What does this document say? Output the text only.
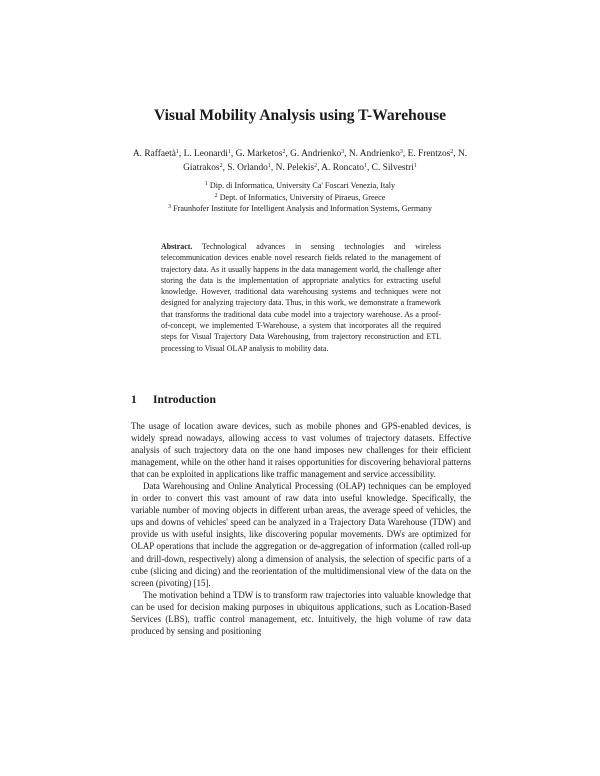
Visual Mobility Analysis using T-Warehouse
A. Raffaetà$^1$, L. Leonardi$^1$, G. Marketos$^2$, G. Andrienko$^3$, N. Andrienko$^3$, E. Frentzos$^2$, N. Giatrakos$^2$, S. Orlando$^1$, N. Pelekis$^2$, A. Roncato$^1$, C. Silvestri$^1$
$^1$ Dip. di Informatica, University Ca' Foscari Venezia, Italy
$^2$ Dept. of Informatics, University of Piraeus, Greece
$^3$ Fraunhofer Institute for Intelligent Analysis and Information Systems, Germany
Abstract. Technological advances in sensing technologies and wireless telecommunication devices enable novel research fields related to the management of trajectory data. As it usually happens in the data management world, the challenge after storing the data is the implementation of appropriate analytics for extracting useful knowledge. However, traditional data warehousing systems and techniques were not designed for analyzing trajectory data. Thus, in this work, we demonstrate a framework that transforms the traditional data cube model into a trajectory warehouse. As a proof-of-concept, we implemented T-Warehouse, a system that incorporates all the required steps for Visual Trajectory Data Warehousing, from trajectory reconstruction and ETL processing to Visual OLAP analysis to mobility data.
1 Introduction

The usage of location aware devices, such as mobile phones and GPS-enabled devices, is widely spread nowadays, allowing access to vast volumes of trajectory datasets. Effective analysis of such trajectory data on the one hand imposes new challenges for their efficient management, while on the other hand it raises opportunities for discovering behavioral patterns that can be exploited in applications like traffic management and service accessibility.

Data Warehousing and Online Analytical Processing (OLAP) techniques can be employed in order to convert this vast amount of raw data into useful knowledge. Specifically, the variable number of moving objects in different urban areas, the average speed of vehicles, the ups and downs of vehicles' speed can be analyzed in a Trajectory Data Warehouse (TDW) and provide us with useful insights, like discovering popular movements. DWs are optimized for OLAP operations that include the aggregation or de-aggregation of information (called roll-up and drill-down, respectively) along a dimension of analysis, the selection of specific parts of a cube (slicing and dicing) and the reorientation of the multidimensional view of the data on the screen (pivoting) [15].

The motivation behind a TDW is to transform raw trajectories into valuable knowledge that can be used for decision making purposes in ubiquitous applications, such as Location-Based Services (LBS), traffic control management, etc. Intuitively, the high volume of raw data produced by sensing and positioning
